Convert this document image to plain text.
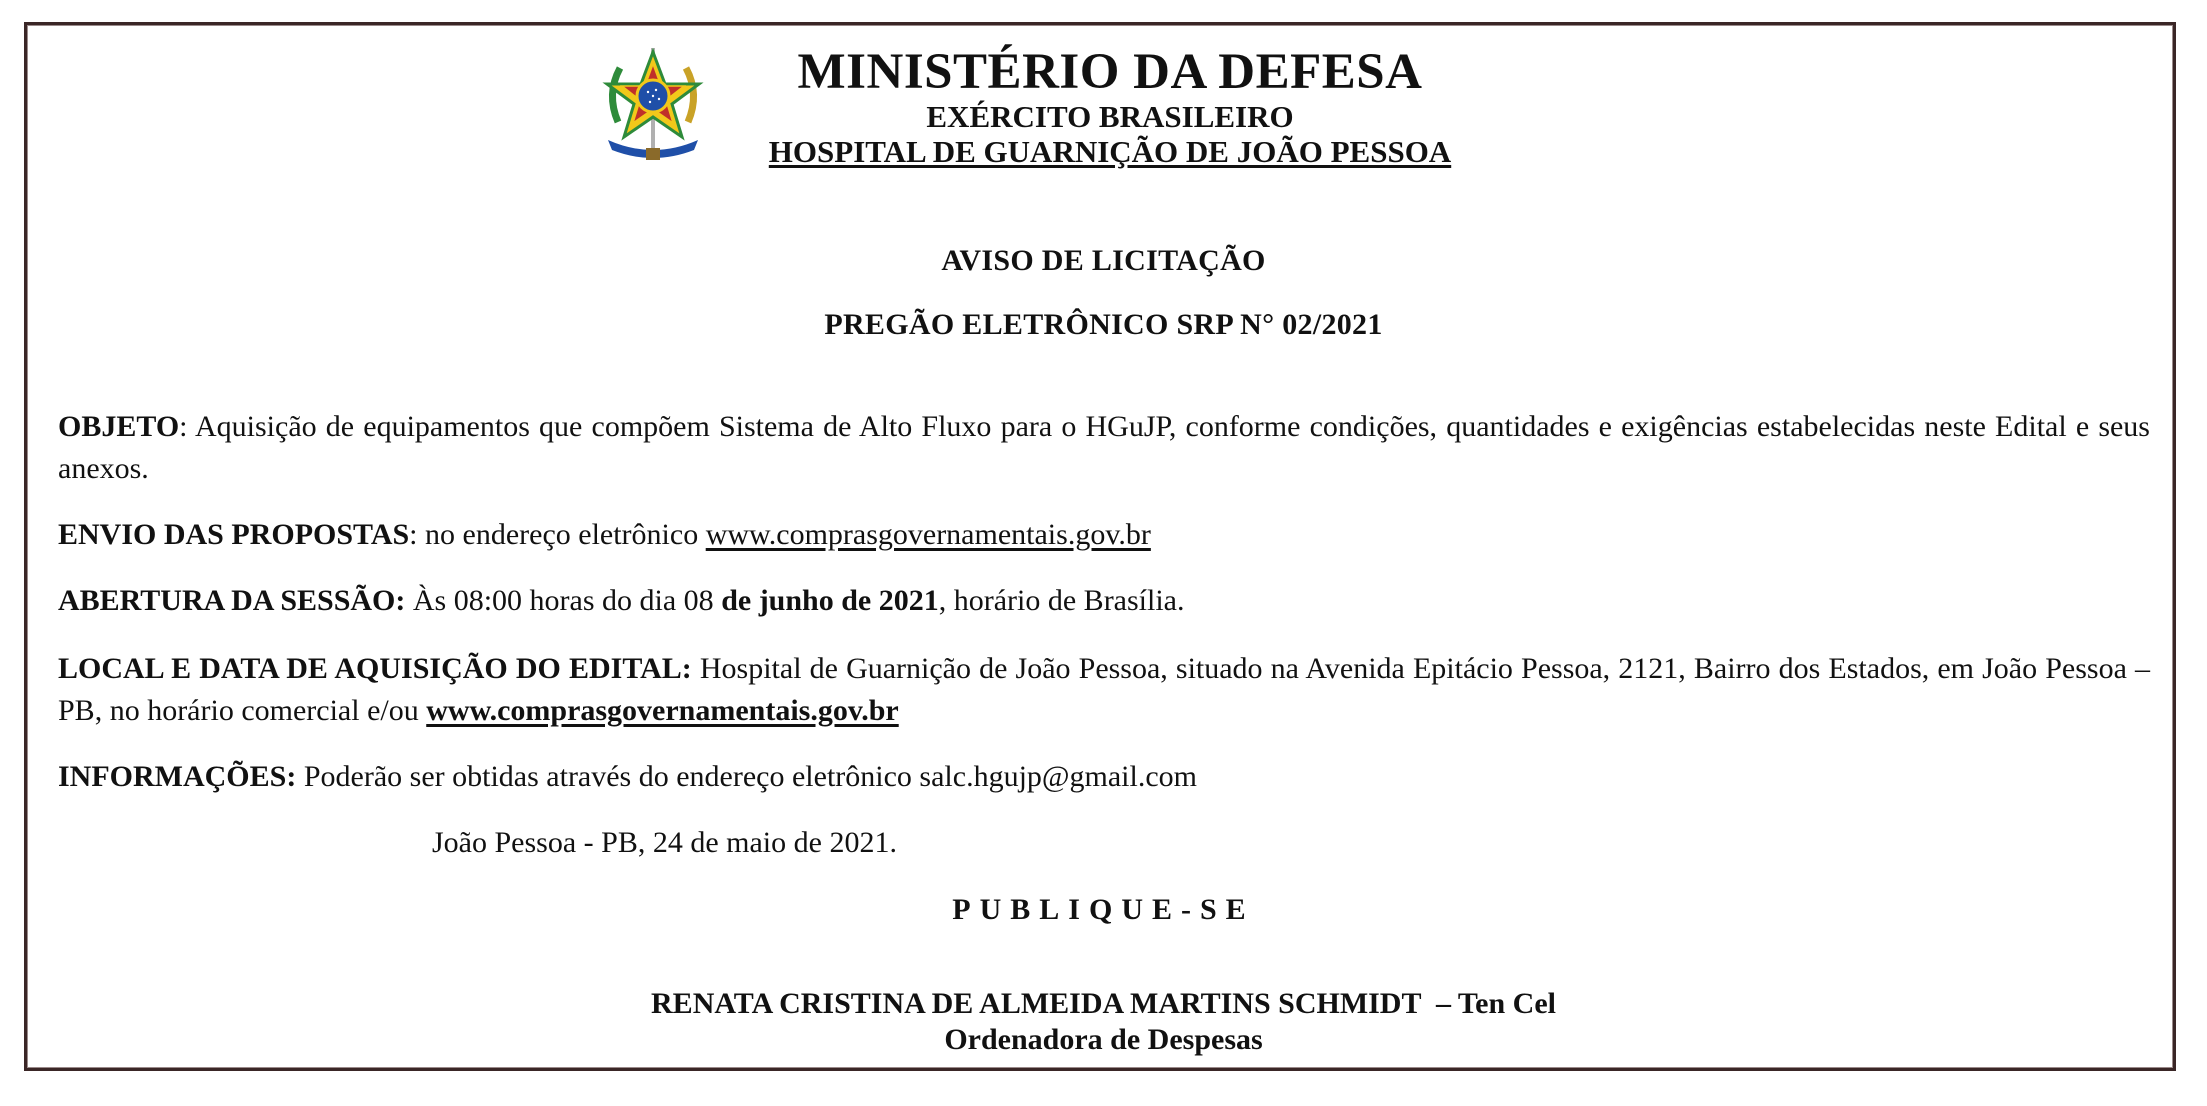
MINISTÉRIO DA DEFESA
EXÉRCITO BRASILEIRO
HOSPITAL DE GUARNIÇÃO DE JOÃO PESSOA
AVISO DE LICITAÇÃO
PREGÃO ELETRÔNICO SRP N° 02/2021
OBJETO: Aquisição de equipamentos que compõem Sistema de Alto Fluxo para o HGuJP, conforme condições, quantidades e exigências estabelecidas neste Edital e seus anexos.
ENVIO DAS PROPOSTAS: no endereço eletrônico www.comprasgovernamentais.gov.br
ABERTURA DA SESSÃO: Às 08:00 horas do dia 08 de junho de 2021, horário de Brasília.
LOCAL E DATA DE AQUISIÇÃO DO EDITAL: Hospital de Guarnição de João Pessoa, situado na Avenida Epitácio Pessoa, 2121, Bairro dos Estados, em João Pessoa – PB, no horário comercial e/ou www.comprasgovernamentais.gov.br
INFORMAÇÕES: Poderão ser obtidas através do endereço eletrônico salc.hgujp@gmail.com
João Pessoa - PB, 24 de maio de 2021.
PUBLIQUE-SE
RENATA CRISTINA DE ALMEIDA MARTINS SCHMIDT  – Ten Cel
Ordenadora de Despesas
